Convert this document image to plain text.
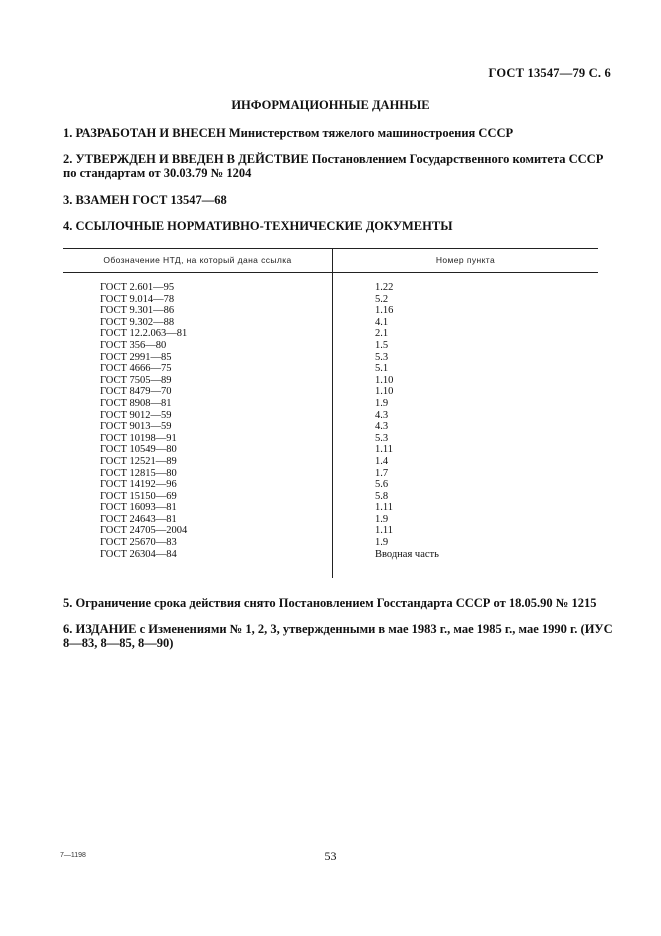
ГОСТ 13547—79 С. 6
ИНФОРМАЦИОННЫЕ ДАННЫЕ
1. РАЗРАБОТАН И ВНЕСЕН Министерством тяжелого машиностроения СССР
2. УТВЕРЖДЕН И ВВЕДЕН В ДЕЙСТВИЕ Постановлением Государственного комитета СССР по стандартам от 30.03.79 № 1204
3. ВЗАМЕН ГОСТ 13547—68
4. ССЫЛОЧНЫЕ НОРМАТИВНО-ТЕХНИЧЕСКИЕ ДОКУМЕНТЫ
Обозначение НТД, на который дана ссылка	Номер пункта
ГОСТ 2.601—95	1.22
ГОСТ 9.014—78	5.2
ГОСТ 9.301—86	1.16
ГОСТ 9.302—88	4.1
ГОСТ 12.2.063—81	2.1
ГОСТ 356—80	1.5
ГОСТ 2991—85	5.3
ГОСТ 4666—75	5.1
ГОСТ 7505—89	1.10
ГОСТ 8479—70	1.10
ГОСТ 8908—81	1.9
ГОСТ 9012—59	4.3
ГОСТ 9013—59	4.3
ГОСТ 10198—91	5.3
ГОСТ 10549—80	1.11
ГОСТ 12521—89	1.4
ГОСТ 12815—80	1.7
ГОСТ 14192—96	5.6
ГОСТ 15150—69	5.8
ГОСТ 16093—81	1.11
ГОСТ 24643—81	1.9
ГОСТ 24705—2004	1.11
ГОСТ 25670—83	1.9
ГОСТ 26304—84	Вводная часть
5. Ограничение срока действия снято Постановлением Госстандарта СССР от 18.05.90 № 1215
6. ИЗДАНИЕ с Изменениями № 1, 2, 3, утвержденными в мае 1983 г., мае 1985 г., мае 1990 г. (ИУС 8—83, 8—85, 8—90)
7—1198	53
